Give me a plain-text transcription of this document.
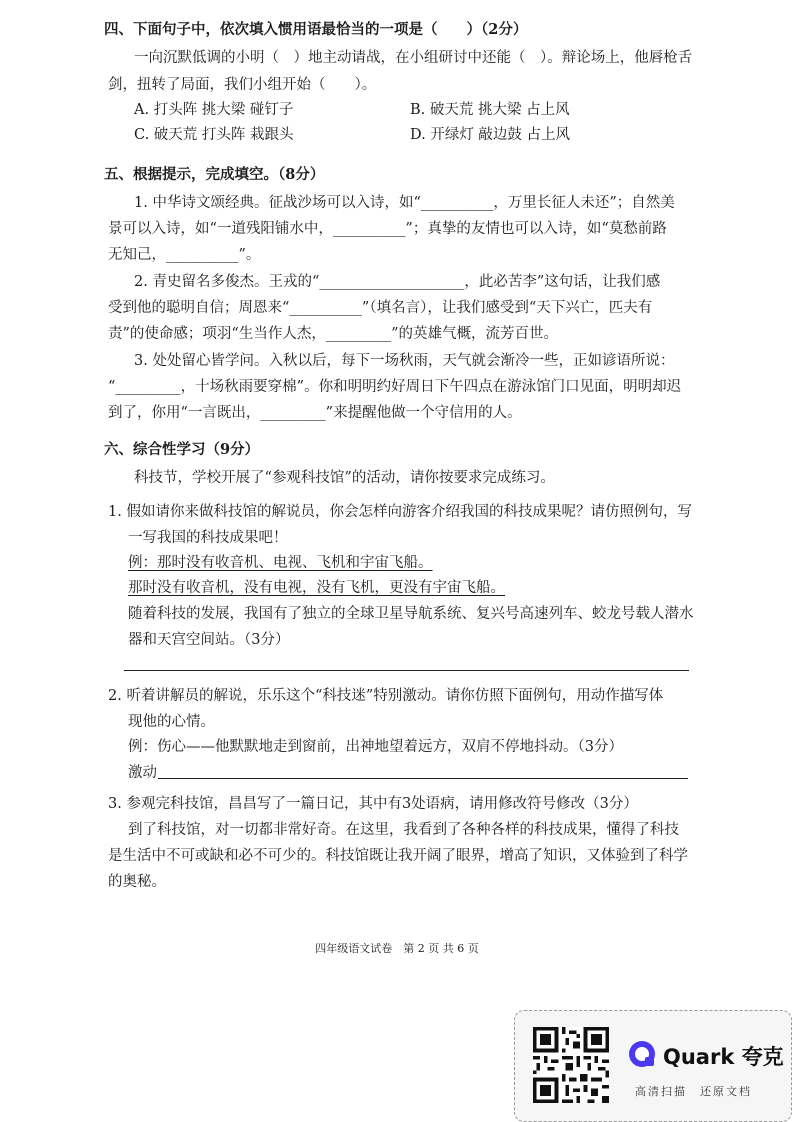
四、下面句子中，依次填入惯用语最恰当的一项是（　　）（2分）
一向沉默低调的小明（　）地主动请战，在小组研讨中还能（　）。辩论场上，他唇枪舌
剑，扭转了局面，我们小组开始（　　）。
A. 打头阵 挑大梁 碰钉子	B. 破天荒 挑大梁 占上风
C. 破天荒 打头阵 栽跟头	D. 开绿灯 敲边鼓 占上风
五、根据提示，完成填空。（8分）
1. 中华诗文颂经典。征战沙场可以入诗，如“__________，万里长征人未还”；自然美
景可以入诗，如“一道残阳铺水中，__________”；真挚的友情也可以入诗，如“莫愁前路
无知己，__________”。
2. 青史留名多俊杰。王戎的“____________________，此必苦李”这句话，让我们感
受到他的聪明自信；周恩来“__________”（填名言），让我们感受到“天下兴亡，匹夫有
责”的使命感；项羽“生当作人杰，_________”的英雄气概，流芳百世。
3. 处处留心皆学问。入秋以后，每下一场秋雨，天气就会渐冷一些，正如谚语所说：
“_________，十场秋雨要穿棉”。你和明明约好周日下午四点在游泳馆门口见面，明明却迟
到了，你用“一言既出，_________”来提醒他做一个守信用的人。
六、综合性学习（9分）
科技节，学校开展了“参观科技馆”的活动，请你按要求完成练习。
1. 假如请你来做科技馆的解说员，你会怎样向游客介绍我国的科技成果呢？请仿照例句，写
一写我国的科技成果吧！
例：那时没有收音机、电视、飞机和宇宙飞船。
那时没有收音机，没有电视，没有飞机，更没有宇宙飞船。
随着科技的发展，我国有了独立的全球卫星导航系统、复兴号高速列车、蛟龙号载人潜水
器和天宫空间站。（3分）
2. 听着讲解员的解说，乐乐这个“科技迷”特别激动。请你仿照下面例句，用动作描写体
现他的心情。
例：伤心——他默默地走到窗前，出神地望着远方，双肩不停地抖动。（3分）
激动
3. 参观完科技馆，昌昌写了一篇日记，其中有3处语病，请用修改符号修改（3分）
到了科技馆，对一切都非常好奇。在这里，我看到了各种各样的科技成果，懂得了科技
是生活中不可或缺和必不可少的。科技馆既让我开阔了眼界，增高了知识，又体验到了科学
的奥秘。
四年级语文试卷　第 2 页 共 6 页
Quark 夸克
高清扫描　还原文档
